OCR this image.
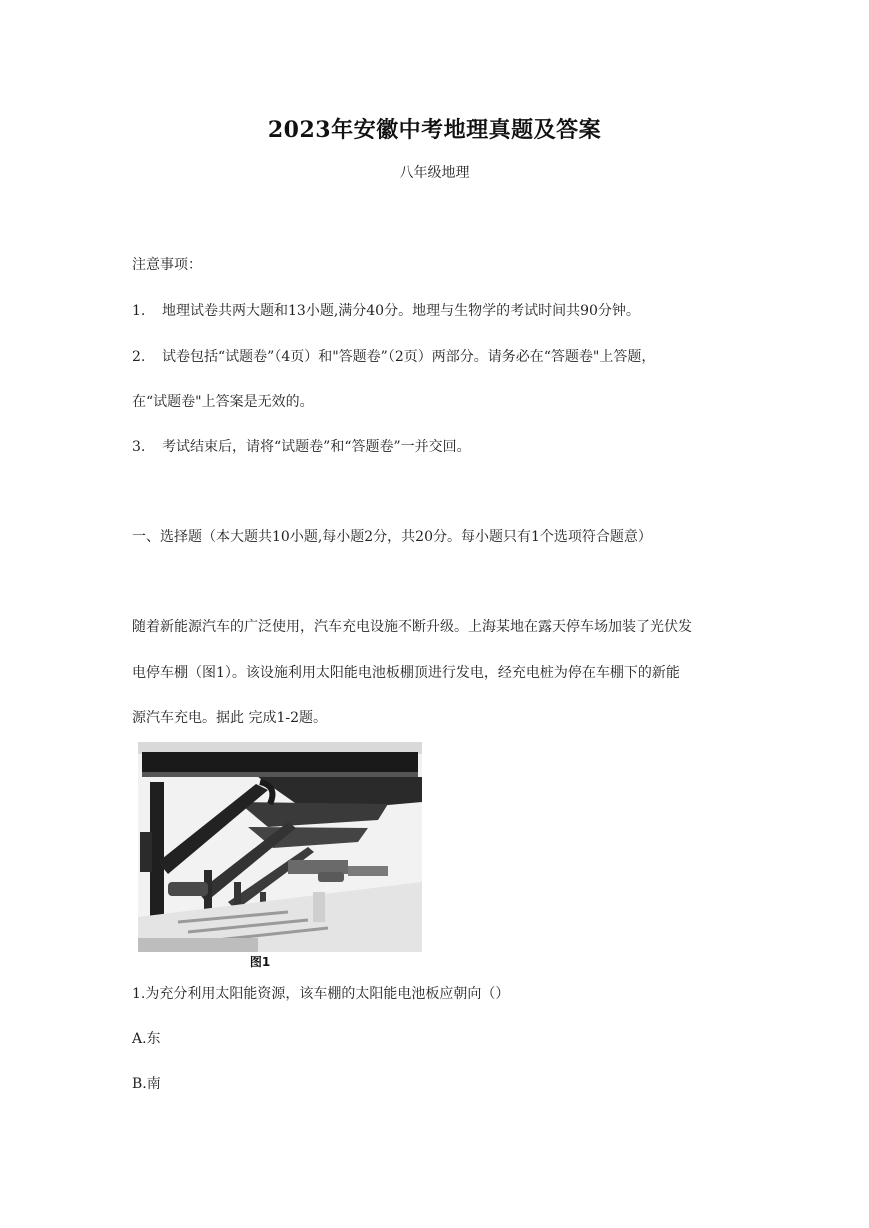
2023年安徽中考地理真题及答案
八年级地理
注意事项：
1. 地理试卷共两大题和13小题,满分40分。地理与生物学的考试时间共90分钟。
2. 试卷包括“试题卷”（4页）和"答题卷”（2页）两部分。请务必在“答题卷"上答题，
在“试题卷"上答案是无效的。
3. 考试结束后，请将“试题卷”和“答题卷”一并交回。
一、选择题（本大题共10小题,每小题2分，共20分。每小题只有1个选项符合题意）
随着新能源汽车的广泛使用，汽车充电设施不断升级。上海某地在露天停车场加装了光伏发
电停车棚（图1）。该设施利用太阳能电池板棚顶进行发电，经充电桩为停在车棚下的新能
源汽车充电。据此 完成1-2题。
图1
1.为充分利用太阳能资源，该车棚的太阳能电池板应朝向（）
A.东
B.南
